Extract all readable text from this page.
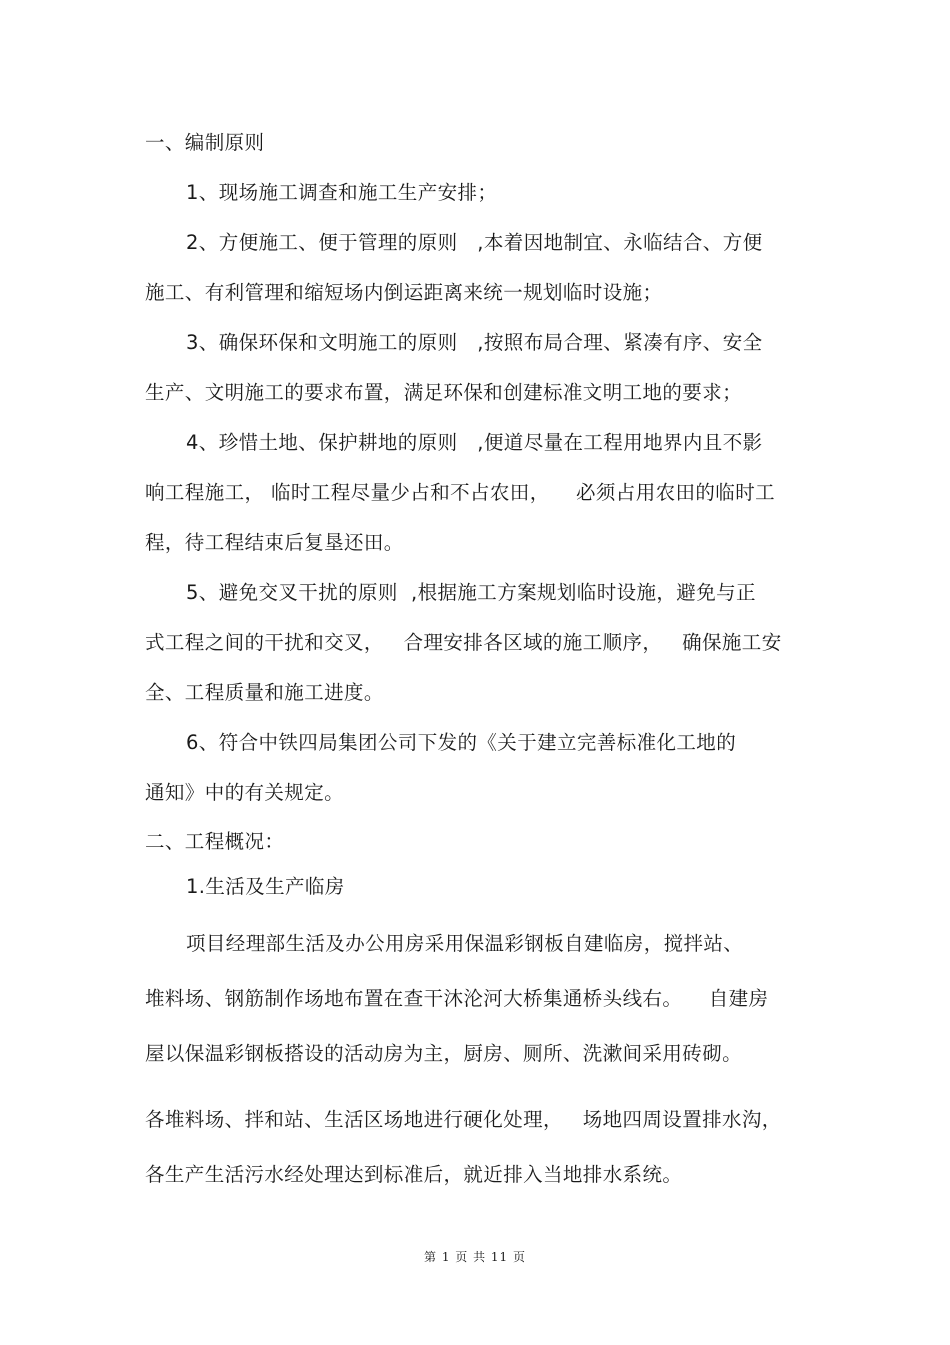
一、编制原则
1、现场施工调查和施工生产安排；
2、方便施工、便于管理的原则   ,本着因地制宜、永临结合、方便
施工、有利管理和缩短场内倒运距离来统一规划临时设施；
3、确保环保和文明施工的原则   ,按照布局合理、紧凑有序、安全
生产、文明施工的要求布置，满足环保和创建标准文明工地的要求；
4、珍惜土地、保护耕地的原则   ,便道尽量在工程用地界内且不影
响工程施工， 临时工程尽量少占和不占农田，    必须占用农田的临时工
程，待工程结束后复垦还田。
5、避免交叉干扰的原则  ,根据施工方案规划临时设施，避免与正
式工程之间的干扰和交叉，   合理安排各区域的施工顺序，   确保施工安
全、工程质量和施工进度。
6、符合中铁四局集团公司下发的《关于建立完善标准化工地的
通知》中的有关规定。
二、工程概况：
1.生活及生产临房
项目经理部生活及办公用房采用保温彩钢板自建临房，搅拌站、
堆料场、钢筋制作场地布置在查干沐沦河大桥集通桥头线右。    自建房
屋以保温彩钢板搭设的活动房为主，厨房、厕所、洗漱间采用砖砌。
各堆料场、拌和站、生活区场地进行硬化处理，   场地四周设置排水沟，
各生产生活污水经处理达到标准后，就近排入当地排水系统。
第 1 页 共 11 页
